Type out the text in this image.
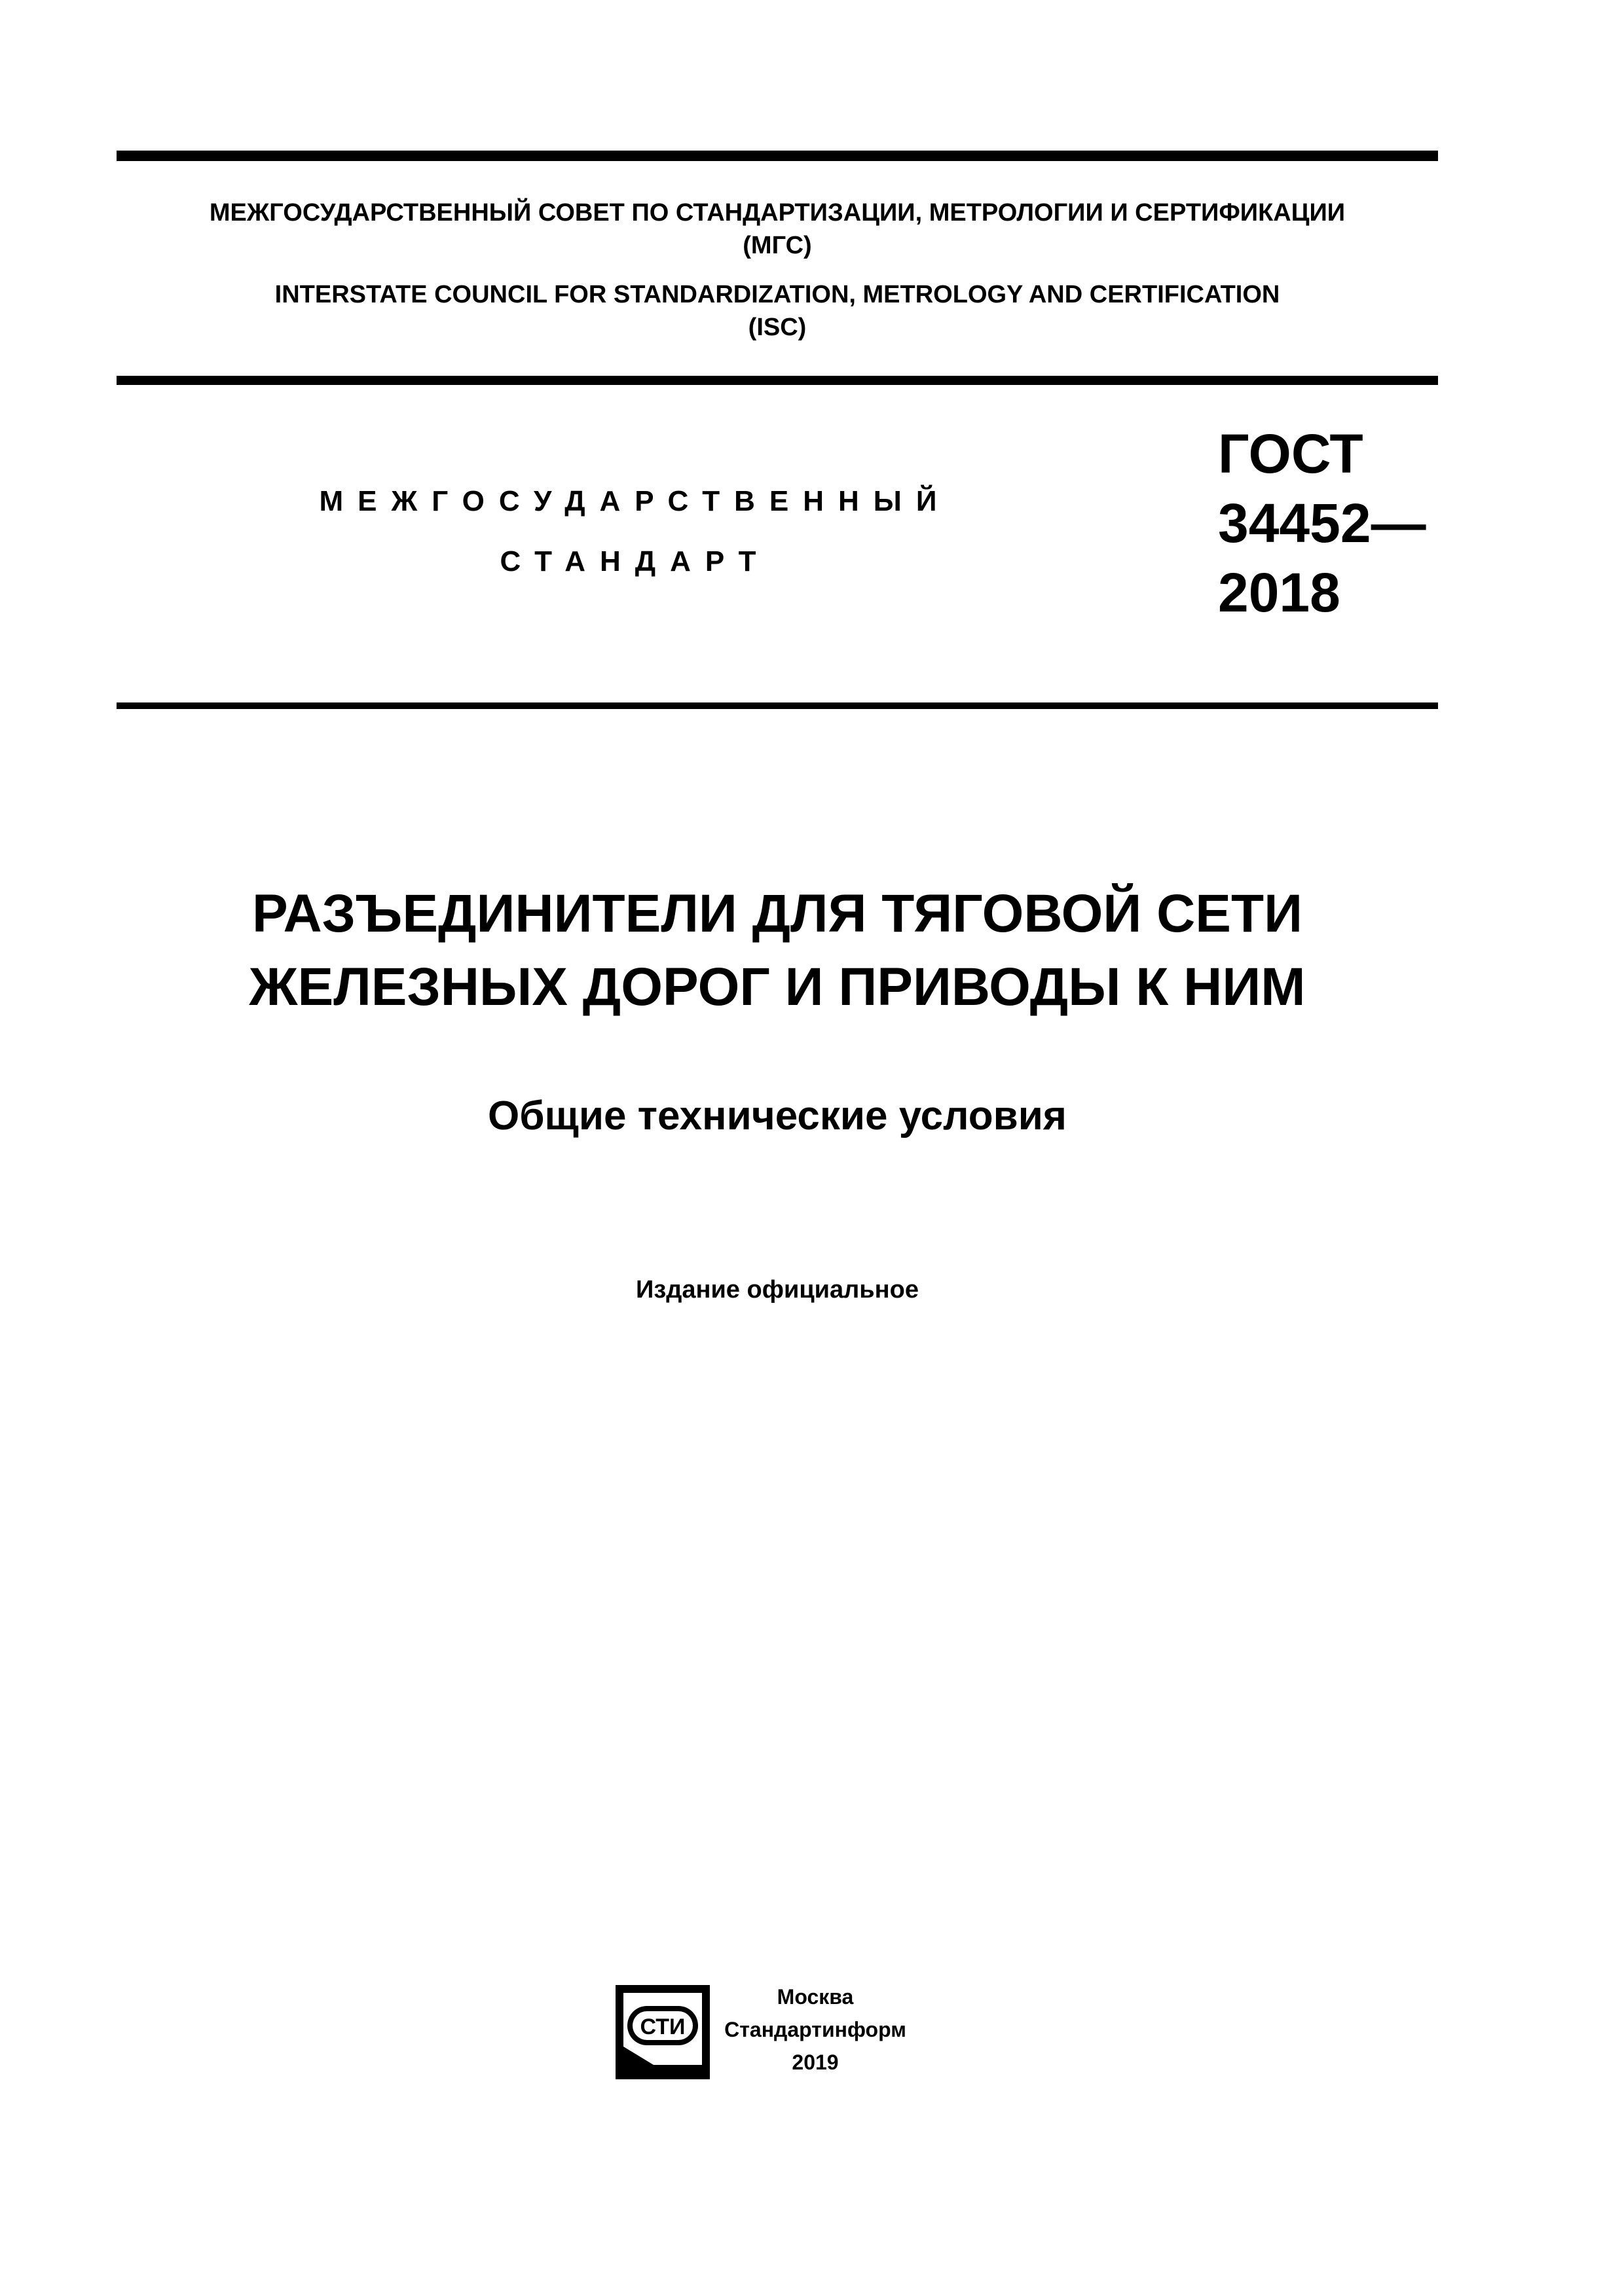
МЕЖГОСУДАРСТВЕННЫЙ СОВЕТ ПО СТАНДАРТИЗАЦИИ, МЕТРОЛОГИИ И СЕРТИФИКАЦИИ
(МГС)
INTERSTATE COUNCIL FOR STANDARDIZATION, METROLOGY AND CERTIFICATION
(ISC)
МЕЖГОСУДАРСТВЕННЫЙ
СТАНДАРТ
ГОСТ
34452—
2018
РАЗЪЕДИНИТЕЛИ ДЛЯ ТЯГОВОЙ СЕТИ
ЖЕЛЕЗНЫХ ДОРОГ И ПРИВОДЫ К НИМ
Общие технические условия
Издание официальное
СТИ
Москва
Стандартинформ
2019
